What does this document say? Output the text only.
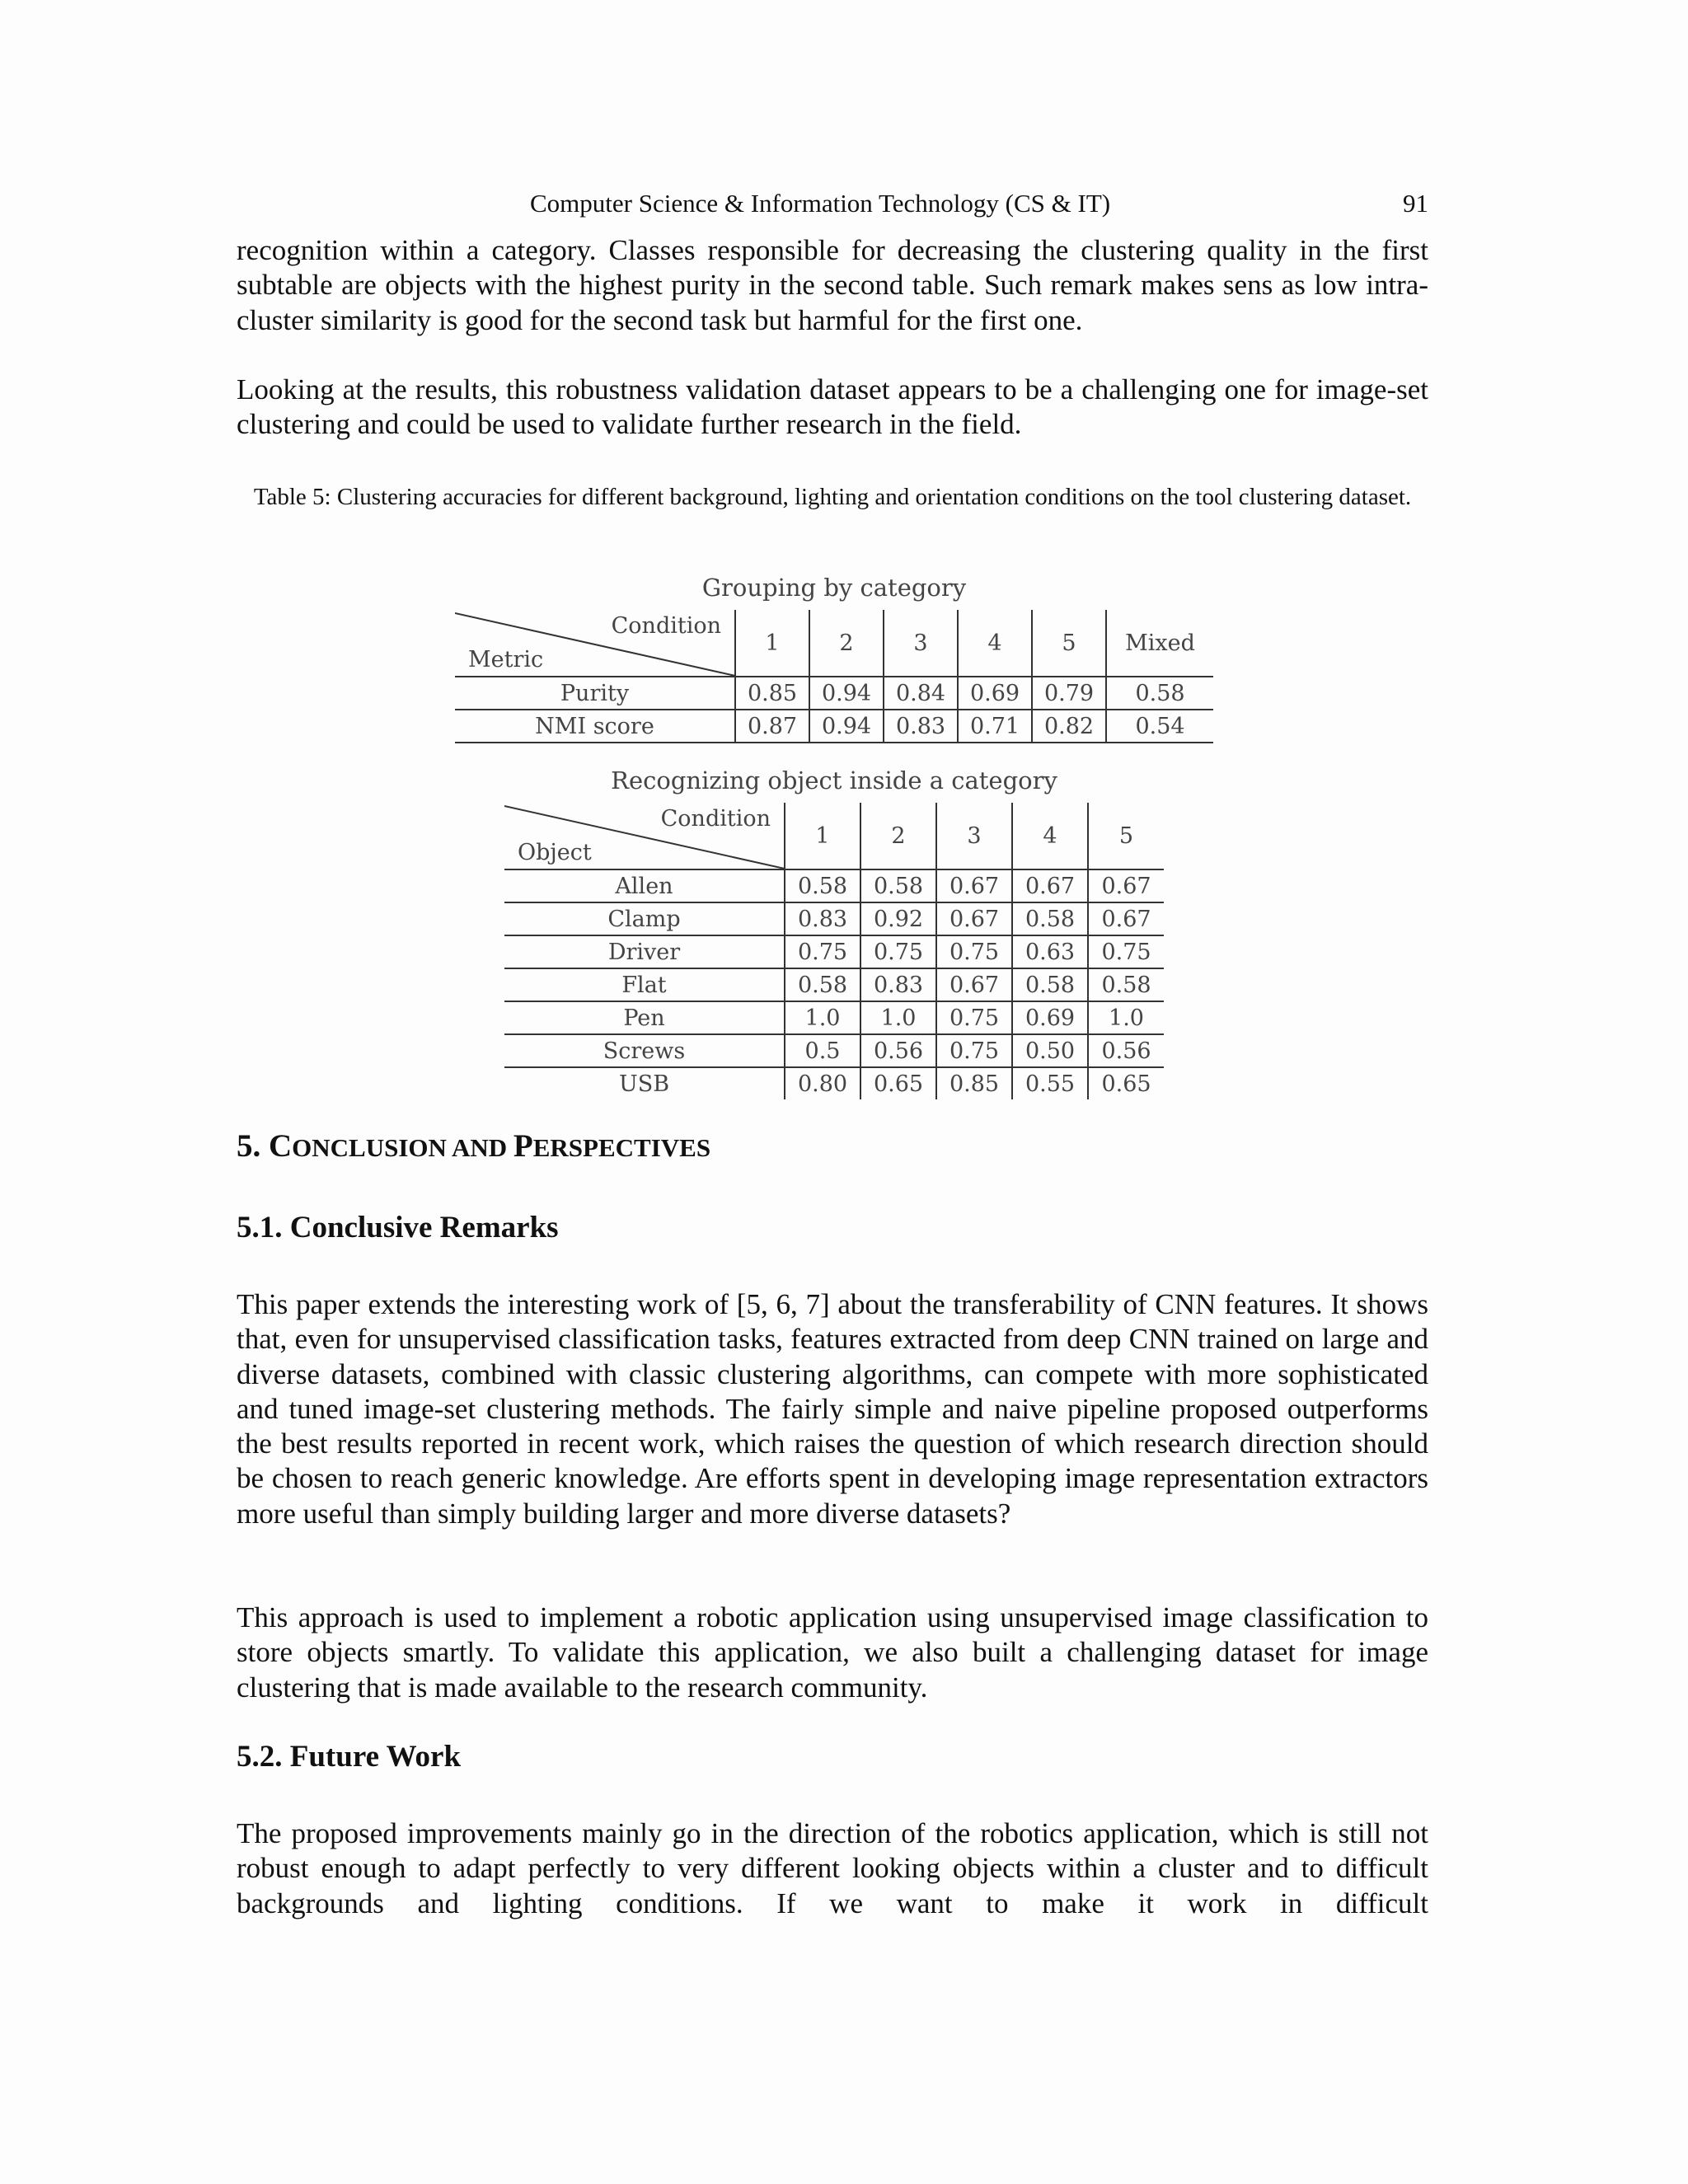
Computer Science & Information Technology (CS & IT)	91

recognition within a category. Classes responsible for decreasing the clustering quality in the first subtable are objects with the highest purity in the second table. Such remark makes sens as low intra-cluster similarity is good for the second task but harmful for the first one.

Looking at the results, this robustness validation dataset appears to be a challenging one for image-set clustering and could be used to validate further research in the field.

Table 5: Clustering accuracies for different background, lighting and orientation conditions on the tool clustering dataset.
Grouping by category
Condition
Metric	1	2	3	4	5	Mixed
Purity	0.85	0.94	0.84	0.69	0.79	0.58
NMI score	0.87	0.94	0.83	0.71	0.82	0.54
Recognizing object inside a category
Condition
Object	1	2	3	4	5
Allen	0.58	0.58	0.67	0.67	0.67
Clamp	0.83	0.92	0.67	0.58	0.67
Driver	0.75	0.75	0.75	0.63	0.75
Flat	0.58	0.83	0.67	0.58	0.58
Pen	1.0	1.0	0.75	0.69	1.0
Screws	0.5	0.56	0.75	0.50	0.56
USB	0.80	0.65	0.85	0.55	0.65
5. CONCLUSION AND PERSPECTIVES
5.1. Conclusive Remarks

This paper extends the interesting work of [5, 6, 7] about the transferability of CNN features. It shows that, even for unsupervised classification tasks, features extracted from deep CNN trained on large and diverse datasets, combined with classic clustering algorithms, can compete with more sophisticated and tuned image-set clustering methods. The fairly simple and naive pipeline proposed outperforms the best results reported in recent work, which raises the question of which research direction should be chosen to reach generic knowledge. Are efforts spent in developing image representation extractors more useful than simply building larger and more diverse datasets?

This approach is used to implement a robotic application using unsupervised image classification to store objects smartly. To validate this application, we also built a challenging dataset for image clustering that is made available to the research community.

5.2. Future Work

The proposed improvements mainly go in the direction of the robotics application, which is still not robust enough to adapt perfectly to very different looking objects within a cluster and to difficult backgrounds and lighting conditions. If we want to make it work in difficult
